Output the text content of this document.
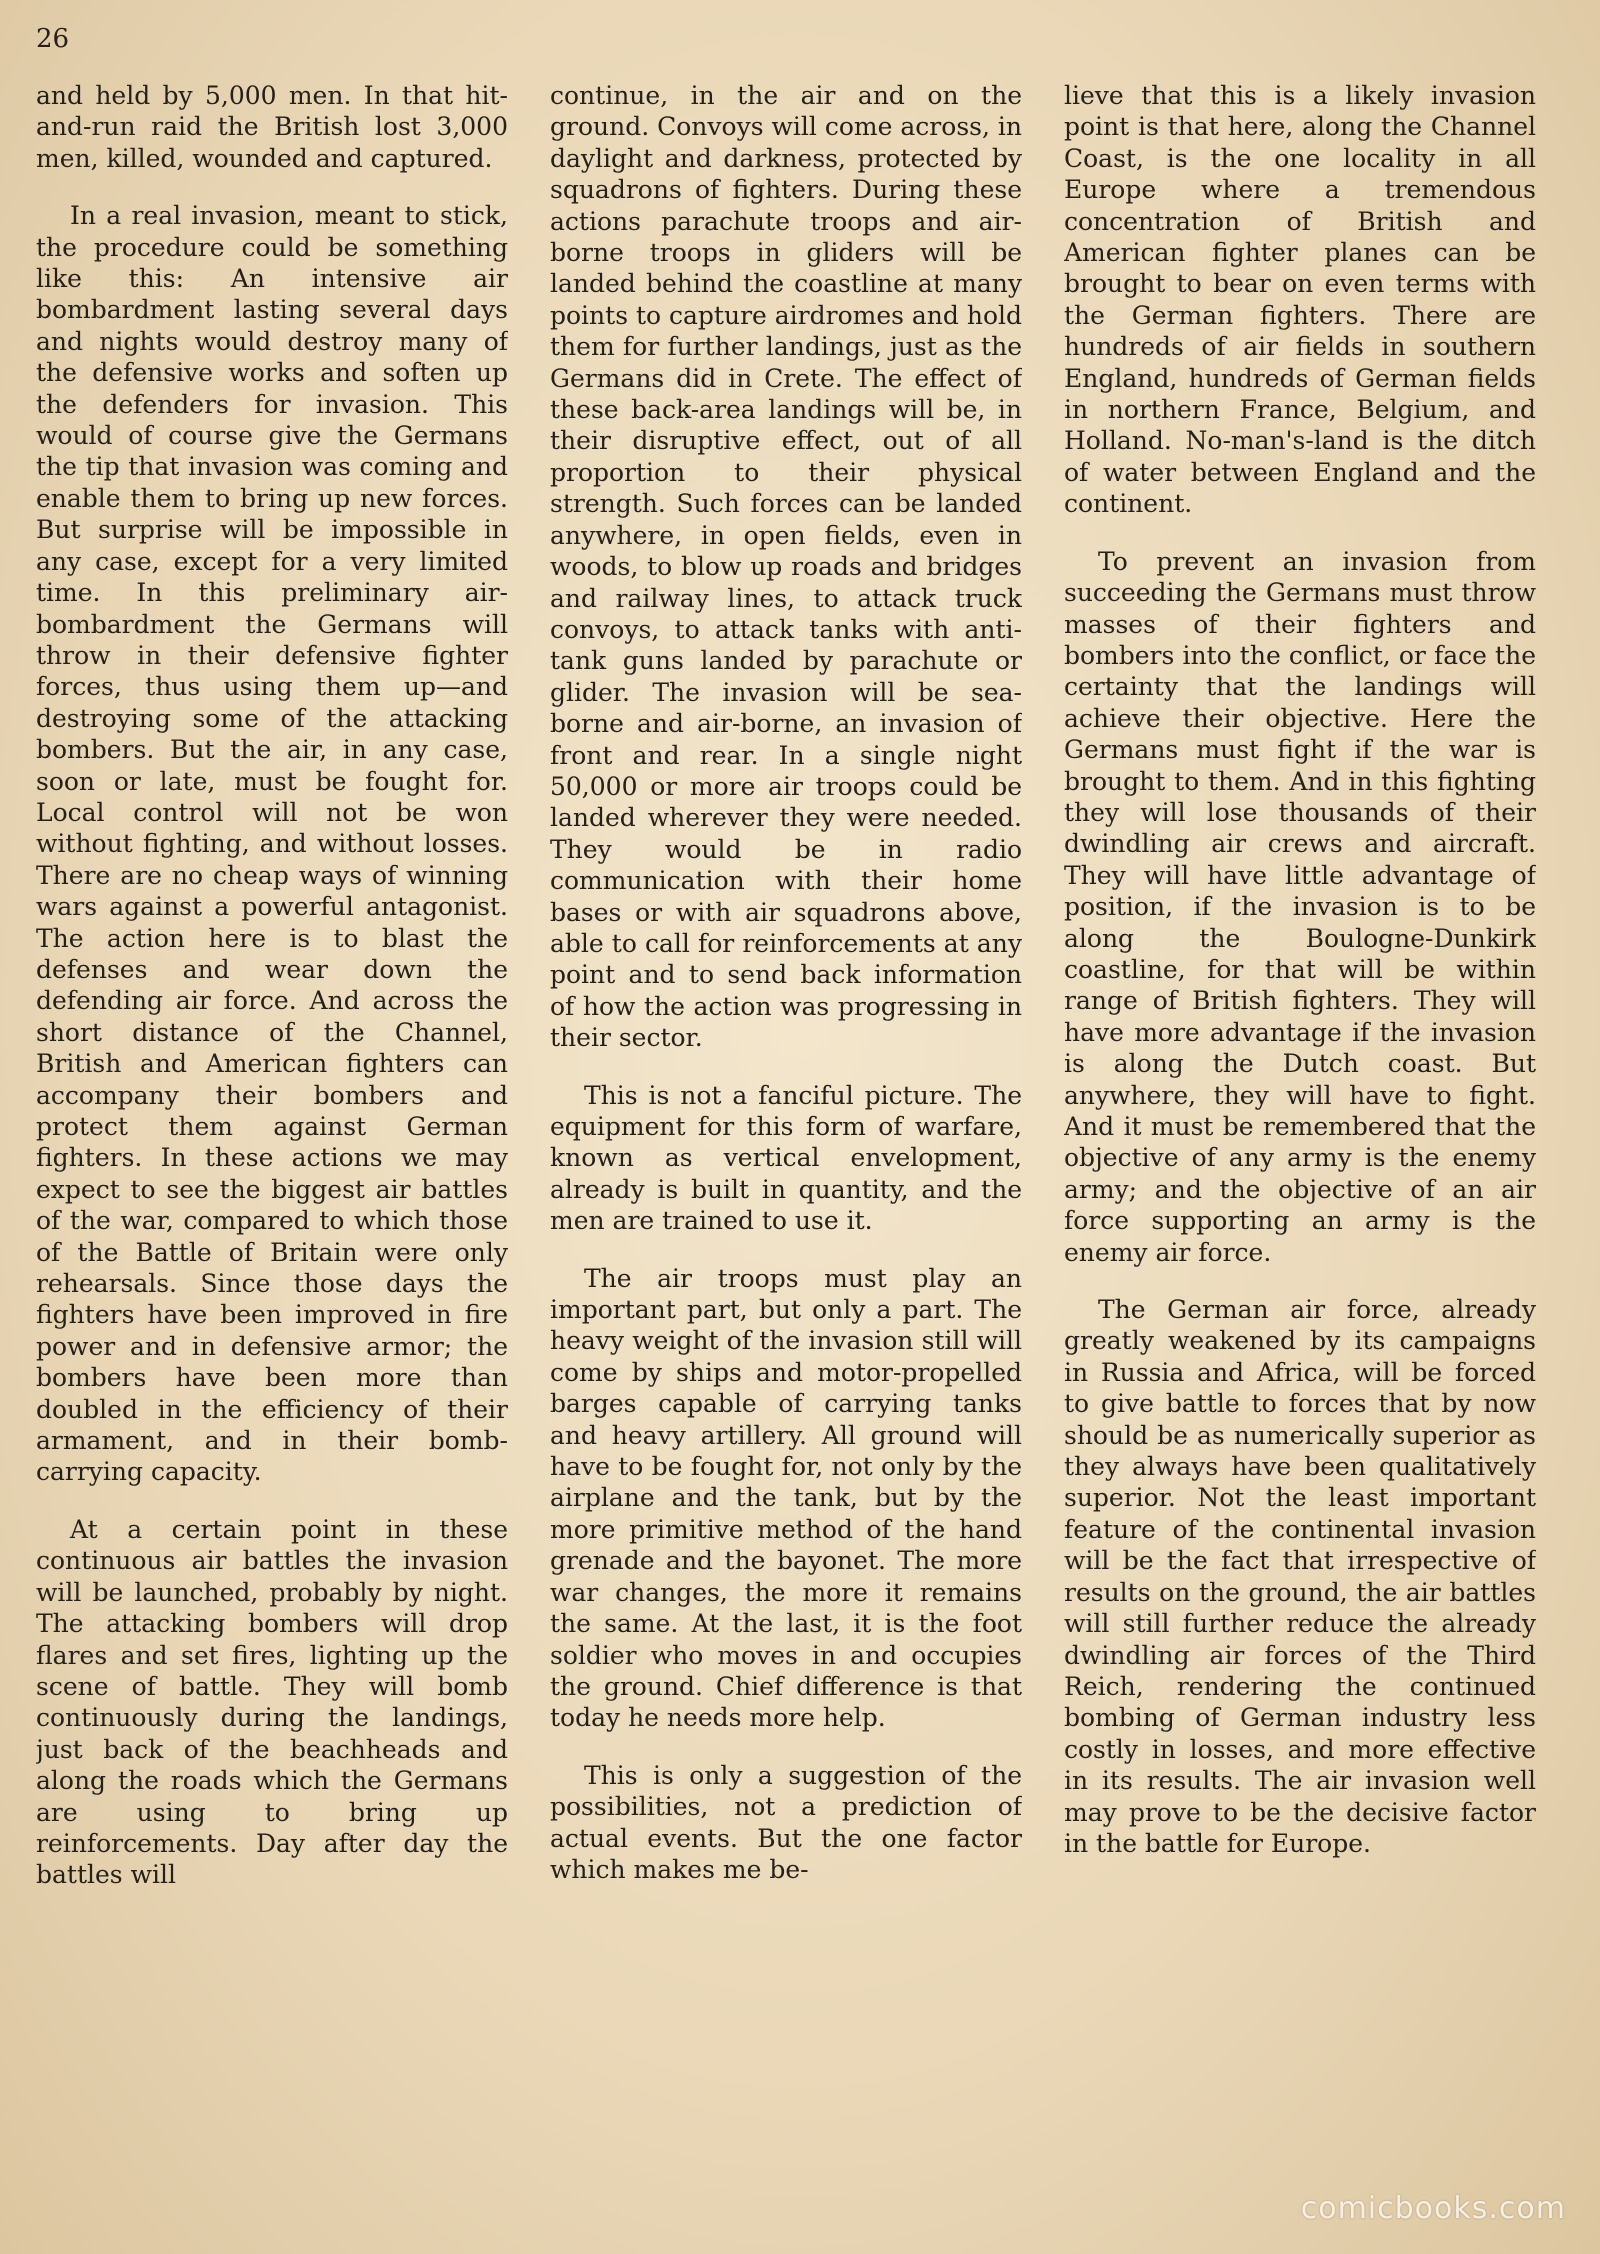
26

and held by 5,000 men. In that hit-and-run raid the British lost 3,000 men, killed, wounded and captured.

In a real invasion, meant to stick, the procedure could be something like this: An intensive air bombardment lasting several days and nights would destroy many of the defensive works and soften up the defenders for invasion. This would of course give the Germans the tip that invasion was coming and enable them to bring up new forces. But surprise will be impossible in any case, except for a very limited time. In this preliminary air-bombardment the Germans will throw in their defensive fighter forces, thus using them up—and destroying some of the attacking bombers. But the air, in any case, soon or late, must be fought for. Local control will not be won without fighting, and without losses. There are no cheap ways of winning wars against a powerful antagonist. The action here is to blast the defenses and wear down the defending air force. And across the short distance of the Channel, British and American fighters can accompany their bombers and protect them against German fighters. In these actions we may expect to see the biggest air battles of the war, compared to which those of the Battle of Britain were only rehearsals. Since those days the fighters have been improved in fire power and in defensive armor; the bombers have been more than doubled in the efficiency of their armament, and in their bomb-carrying capacity.

At a certain point in these continuous air battles the invasion will be launched, probably by night. The attacking bombers will drop flares and set fires, lighting up the scene of battle. They will bomb continuously during the landings, just back of the beachheads and along the roads which the Germans are using to bring up reinforcements. Day after day the battles will

continue, in the air and on the ground. Convoys will come across, in daylight and darkness, protected by squadrons of fighters. During these actions parachute troops and air-borne troops in gliders will be landed behind the coastline at many points to capture airdromes and hold them for further landings, just as the Germans did in Crete. The effect of these back-area landings will be, in their disruptive effect, out of all proportion to their physical strength. Such forces can be landed anywhere, in open fields, even in woods, to blow up roads and bridges and railway lines, to attack truck convoys, to attack tanks with anti-tank guns landed by parachute or glider. The invasion will be sea-borne and air-borne, an invasion of front and rear. In a single night 50,000 or more air troops could be landed wherever they were needed. They would be in radio communication with their home bases or with air squadrons above, able to call for reinforcements at any point and to send back information of how the action was progressing in their sector.

This is not a fanciful picture. The equipment for this form of warfare, known as vertical envelopment, already is built in quantity, and the men are trained to use it.

The air troops must play an important part, but only a part. The heavy weight of the invasion still will come by ships and motor-propelled barges capable of carrying tanks and heavy artillery. All ground will have to be fought for, not only by the airplane and the tank, but by the more primitive method of the hand grenade and the bayonet. The more war changes, the more it remains the same. At the last, it is the foot soldier who moves in and occupies the ground. Chief difference is that today he needs more help.

This is only a suggestion of the possibilities, not a prediction of actual events. But the one factor which makes me be-

lieve that this is a likely invasion point is that here, along the Channel Coast, is the one locality in all Europe where a tremendous concentration of British and American fighter planes can be brought to bear on even terms with the German fighters. There are hundreds of air fields in southern England, hundreds of German fields in northern France, Belgium, and Holland. No-man's-land is the ditch of water between England and the continent.

To prevent an invasion from succeeding the Germans must throw masses of their fighters and bombers into the conflict, or face the certainty that the landings will achieve their objective. Here the Germans must fight if the war is brought to them. And in this fighting they will lose thousands of their dwindling air crews and aircraft. They will have little advantage of position, if the invasion is to be along the Boulogne-Dunkirk coastline, for that will be within range of British fighters. They will have more advantage if the invasion is along the Dutch coast. But anywhere, they will have to fight. And it must be remembered that the objective of any army is the enemy army; and the objective of an air force supporting an army is the enemy air force.

The German air force, already greatly weakened by its campaigns in Russia and Africa, will be forced to give battle to forces that by now should be as numerically superior as they always have been qualitatively superior. Not the least important feature of the continental invasion will be the fact that irrespective of results on the ground, the air battles will still further reduce the already dwindling air forces of the Third Reich, rendering the continued bombing of German industry less costly in losses, and more effective in its results. The air invasion well may prove to be the decisive factor in the battle for Europe.

comicbooks.com
